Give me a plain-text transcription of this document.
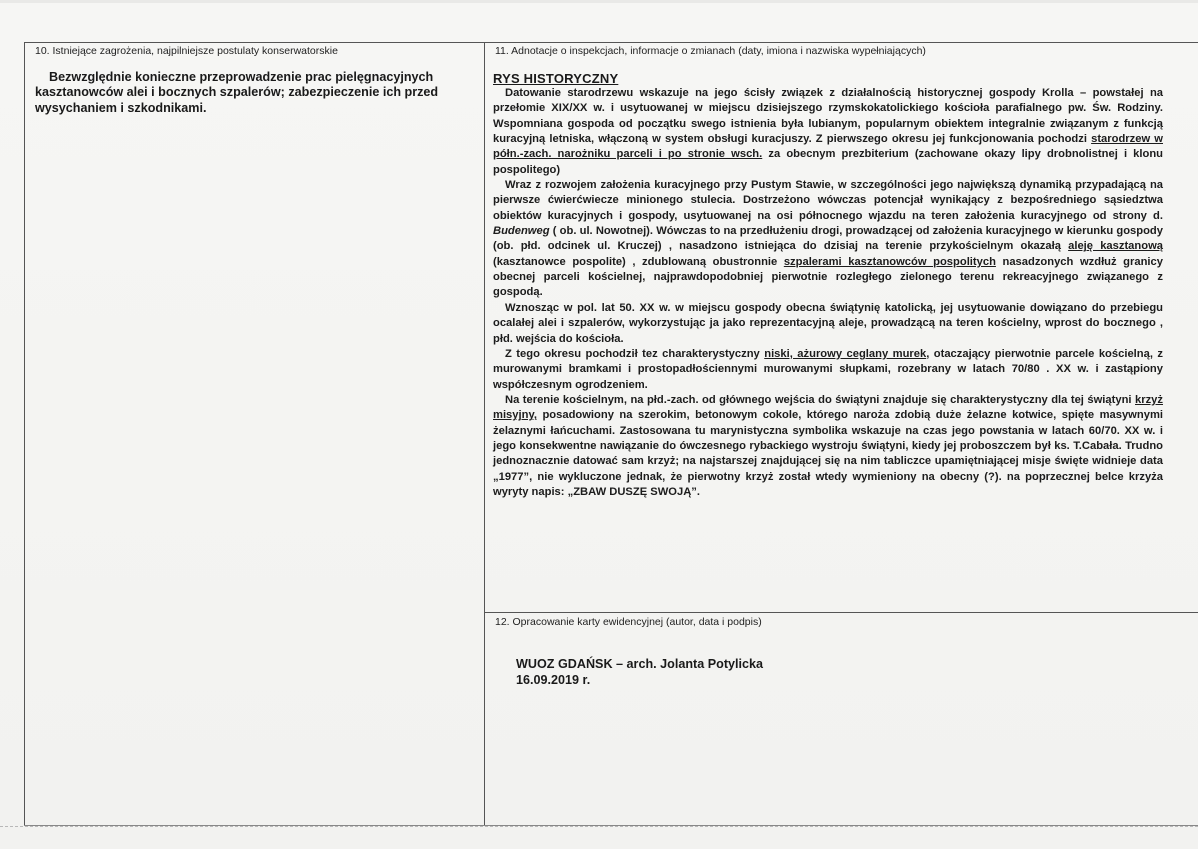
10. Istniejące zagrożenia, najpilniejsze postulaty konserwatorskie
Bezwzględnie konieczne przeprowadzenie prac pielęgnacyjnych kasztanowców alei i bocznych szpalerów; zabezpieczenie ich przed wysychaniem i szkodnikami.
11. Adnotacje o inspekcjach, informacje o zmianach (daty, imiona i nazwiska wypełniających)
RYS HISTORYCZNY

Datowanie starodrzewu wskazuje na jego ścisły związek z działalnością historycznej gospody Krolla – powstałej na przełomie XIX/XX w. i usytuowanej w miejscu dzisiejszego rzymskokatolickiego kościoła parafialnego pw. Św. Rodziny. Wspomniana gospoda od początku swego istnienia była lubianym, popularnym obiektem integralnie związanym z funkcją kuracyjną letniska, włączoną w system obsługi kuracjuszy. Z pierwszego okresu jej funkcjonowania pochodzi starodrzew w półn.-zach. narożniku parceli i po stronie wsch. za obecnym prezbiterium (zachowane okazy lipy drobnolistnej i klonu pospolitego)

Wraz z rozwojem założenia kuracyjnego przy Pustym Stawie, w szczególności jego największą dynamiką przypadającą na pierwsze ćwierćwiecze minionego stulecia. Dostrzeżono wówczas potencjał wynikający z bezpośredniego sąsiedztwa obiektów kuracyjnych i gospody, usytuowanej na osi północnego wjazdu na teren założenia kuracyjnego od strony d. Budenweg ( ob. ul. Nowotnej). Wówczas to na przedłużeniu drogi, prowadzącej od założenia kuracyjnego w kierunku gospody (ob. płd. odcinek ul. Kruczej) , nasadzono istniejąca do dzisiaj na terenie przykościelnym okazałą aleję kasztanową (kasztanowce pospolite) , zdublowaną obustronnie szpalerami kasztanowców pospolitych nasadzonych wzdłuż granicy obecnej parceli kościelnej, najprawdopodobniej pierwotnie rozległego zielonego terenu rekreacyjnego związanego z gospodą.

Wznosząc w pol. lat 50. XX w. w miejscu gospody obecna świątynię katolicką, jej usytuowanie dowiązano do przebiegu ocalałej alei i szpalerów, wykorzystując ja jako reprezentacyjną aleje, prowadzącą na teren kościelny, wprost do bocznego , płd. wejścia do kościoła.

Z tego okresu pochodził tez charakterystyczny niski, ażurowy ceglany murek, otaczający pierwotnie parcele kościelną, z murowanymi bramkami i prostopadłościennymi murowanymi słupkami, rozebrany w latach 70/80 . XX w. i zastąpiony współczesnym ogrodzeniem.

Na terenie kościelnym, na płd.-zach. od głównego wejścia do świątyni znajduje się charakterystyczny dla tej świątyni krzyż misyjny, posadowiony na szerokim, betonowym cokole, którego naroża zdobią duże żelazne kotwice, spięte masywnymi żelaznymi łańcuchami. Zastosowana tu marynistyczna symbolika wskazuje na czas jego powstania w latach 60/70. XX w. i jego konsekwentne nawiązanie do ówczesnego rybackiego wystroju świątyni, kiedy jej proboszczem był ks. T.Cabała. Trudno jednoznacznie datować sam krzyż; na najstarszej znajdującej się na nim tabliczce upamiętniającej misje święte widnieje data „1977”, nie wykluczone jednak, że pierwotny krzyż został wtedy wymieniony na obecny (?). na poprzecznej belce krzyża wyryty napis: „ZBAW DUSZĘ SWOJĄ”.

12. Opracowanie karty ewidencyjnej (autor, data i podpis)
WUOZ GDAŃSK – arch. Jolanta Potylicka
16.09.2019 r.
